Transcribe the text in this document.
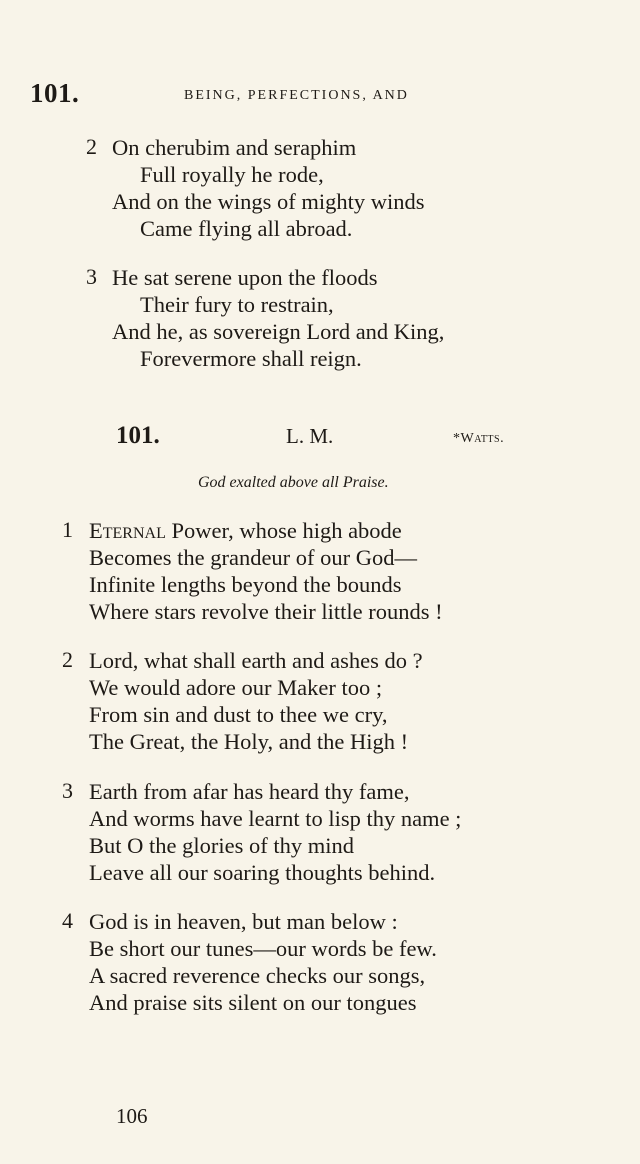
101.	BEING, PERFECTIONS, AND
2 On cherubim and seraphim
Full royally he rode,
And on the wings of mighty winds
Came flying all abroad.
3 He sat serene upon the floods
Their fury to restrain,
And he, as sovereign Lord and King,
Forevermore shall reign.
101.	L. M.	*Watts.
God exalted above all Praise.
1 Eternal Power, whose high abode
Becomes the grandeur of our God—
Infinite lengths beyond the bounds
Where stars revolve their little rounds !
2 Lord, what shall earth and ashes do ?
We would adore our Maker too ;
From sin and dust to thee we cry,
The Great, the Holy, and the High !
3 Earth from afar has heard thy fame,
And worms have learnt to lisp thy name ;
But O the glories of thy mind
Leave all our soaring thoughts behind.
4 God is in heaven, but man below :
Be short our tunes—our words be few.
A sacred reverence checks our songs,
And praise sits silent on our tongues
106
